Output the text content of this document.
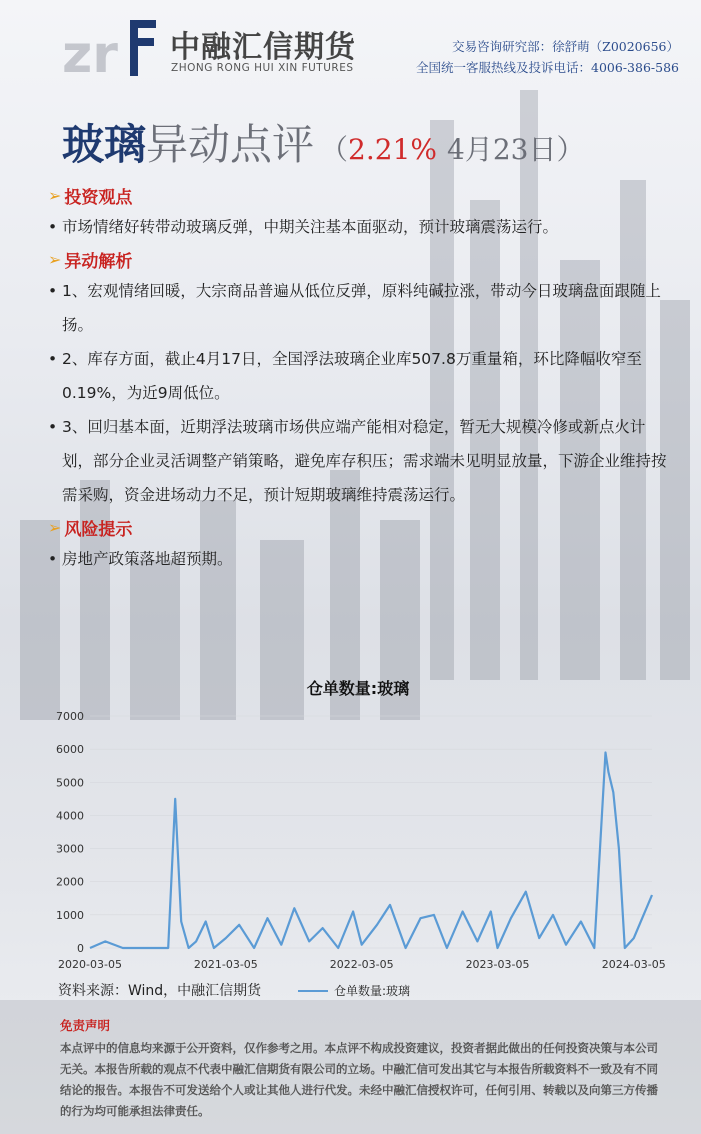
zr 中融汇信期货
ZHONG RONG HUI XIN FUTURES
交易咨询研究部：徐舒萌（Z0020656）
全国统一客服热线及投诉电话：4006-386-586
玻璃 异动点评 （ 2.21% 4月23日）
➢ 投资观点
• 市场情绪好转带动玻璃反弹，中期关注基本面驱动，预计玻璃震荡运行。
➢ 异动解析
• 1、宏观情绪回暖，大宗商品普遍从低位反弹，原料纯碱拉涨，带动今日玻璃盘面跟随上扬。
• 2、库存方面，截止4月17日，全国浮法玻璃企业库507.8万重量箱，环比降幅收窄至0.19%，为近9周低位。
• 3、回归基本面，近期浮法玻璃市场供应端产能相对稳定，暂无大规模冷修或新点火计划，部分企业灵活调整产销策略，避免库存积压；需求端未见明显放量，下游企业维持按需采购，资金进场动力不足，预计短期玻璃维持震荡运行。
➢ 风险提示
• 房地产政策落地超预期。
仓单数量:玻璃
0
1000
2000
3000
4000
5000
6000
7000
2020-03-05	2021-03-05	2022-03-05	2023-03-05	2024-03-05
资料来源：Wind，中融汇信期货	仓单数量:玻璃
免责声明
本点评中的信息均来源于公开资料，仅作参考之用。本点评不构成投资建议，投资者据此做出的任何投资决策与本公司无关。本报告所载的观点不代表中融汇信期货有限公司的立场。中融汇信可发出其它与本报告所载资料不一致及有不同结论的报告。本报告不可发送给个人或让其他人进行代发。未经中融汇信授权许可，任何引用、转载以及向第三方传播的行为均可能承担法律责任。
